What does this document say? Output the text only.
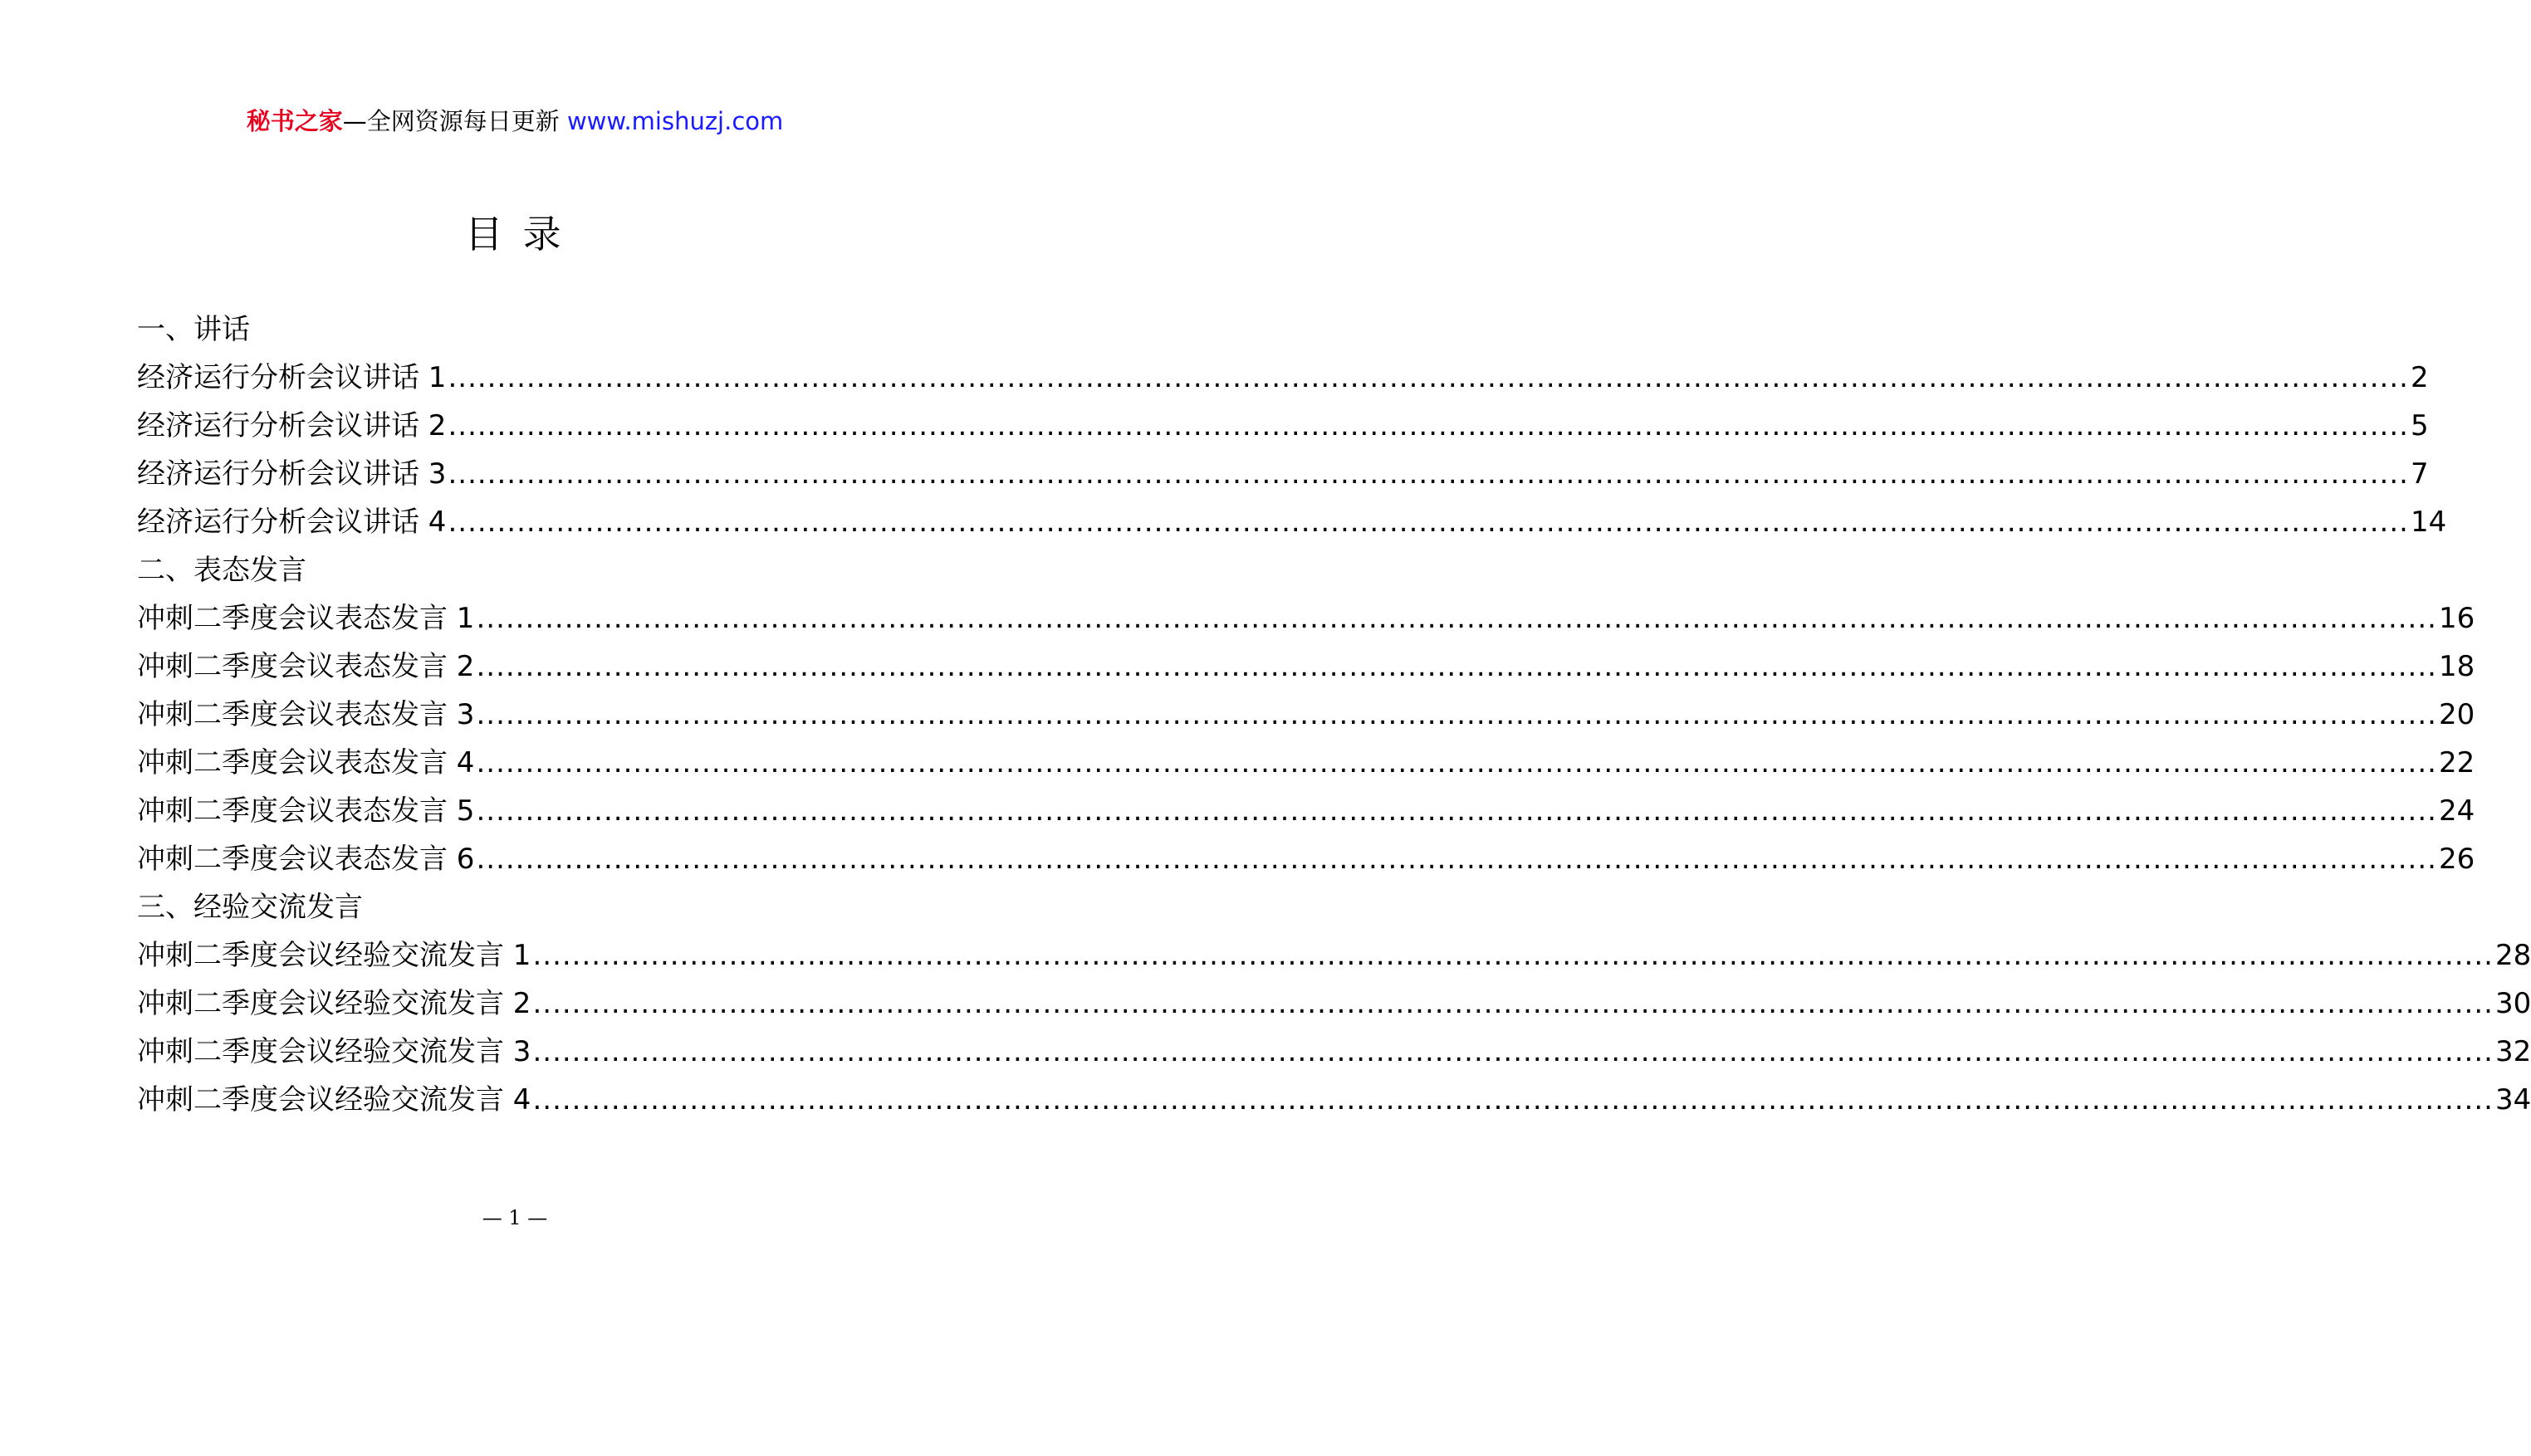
秘书之家—全网资源每日更新 www.mishuzj.com
目 录
一、讲话
经济运行分析会议讲话 1 ........................................................................................................................................................................................................ 2
经济运行分析会议讲话 2 ........................................................................................................................................................................................................ 5
经济运行分析会议讲话 3 ........................................................................................................................................................................................................ 7
经济运行分析会议讲话 4 ........................................................................................................................................................................................................ 14
二、表态发言
冲刺二季度会议表态发言 1 ........................................................................................................................................................................................................ 16
冲刺二季度会议表态发言 2 ........................................................................................................................................................................................................ 18
冲刺二季度会议表态发言 3 ........................................................................................................................................................................................................ 20
冲刺二季度会议表态发言 4 ........................................................................................................................................................................................................ 22
冲刺二季度会议表态发言 5 ........................................................................................................................................................................................................ 24
冲刺二季度会议表态发言 6 ........................................................................................................................................................................................................ 26
三、经验交流发言
冲刺二季度会议经验交流发言 1 ........................................................................................................................................................................................................ 28
冲刺二季度会议经验交流发言 2 ........................................................................................................................................................................................................ 30
冲刺二季度会议经验交流发言 3 ........................................................................................................................................................................................................ 32
冲刺二季度会议经验交流发言 4 ........................................................................................................................................................................................................ 34
— 1 —
